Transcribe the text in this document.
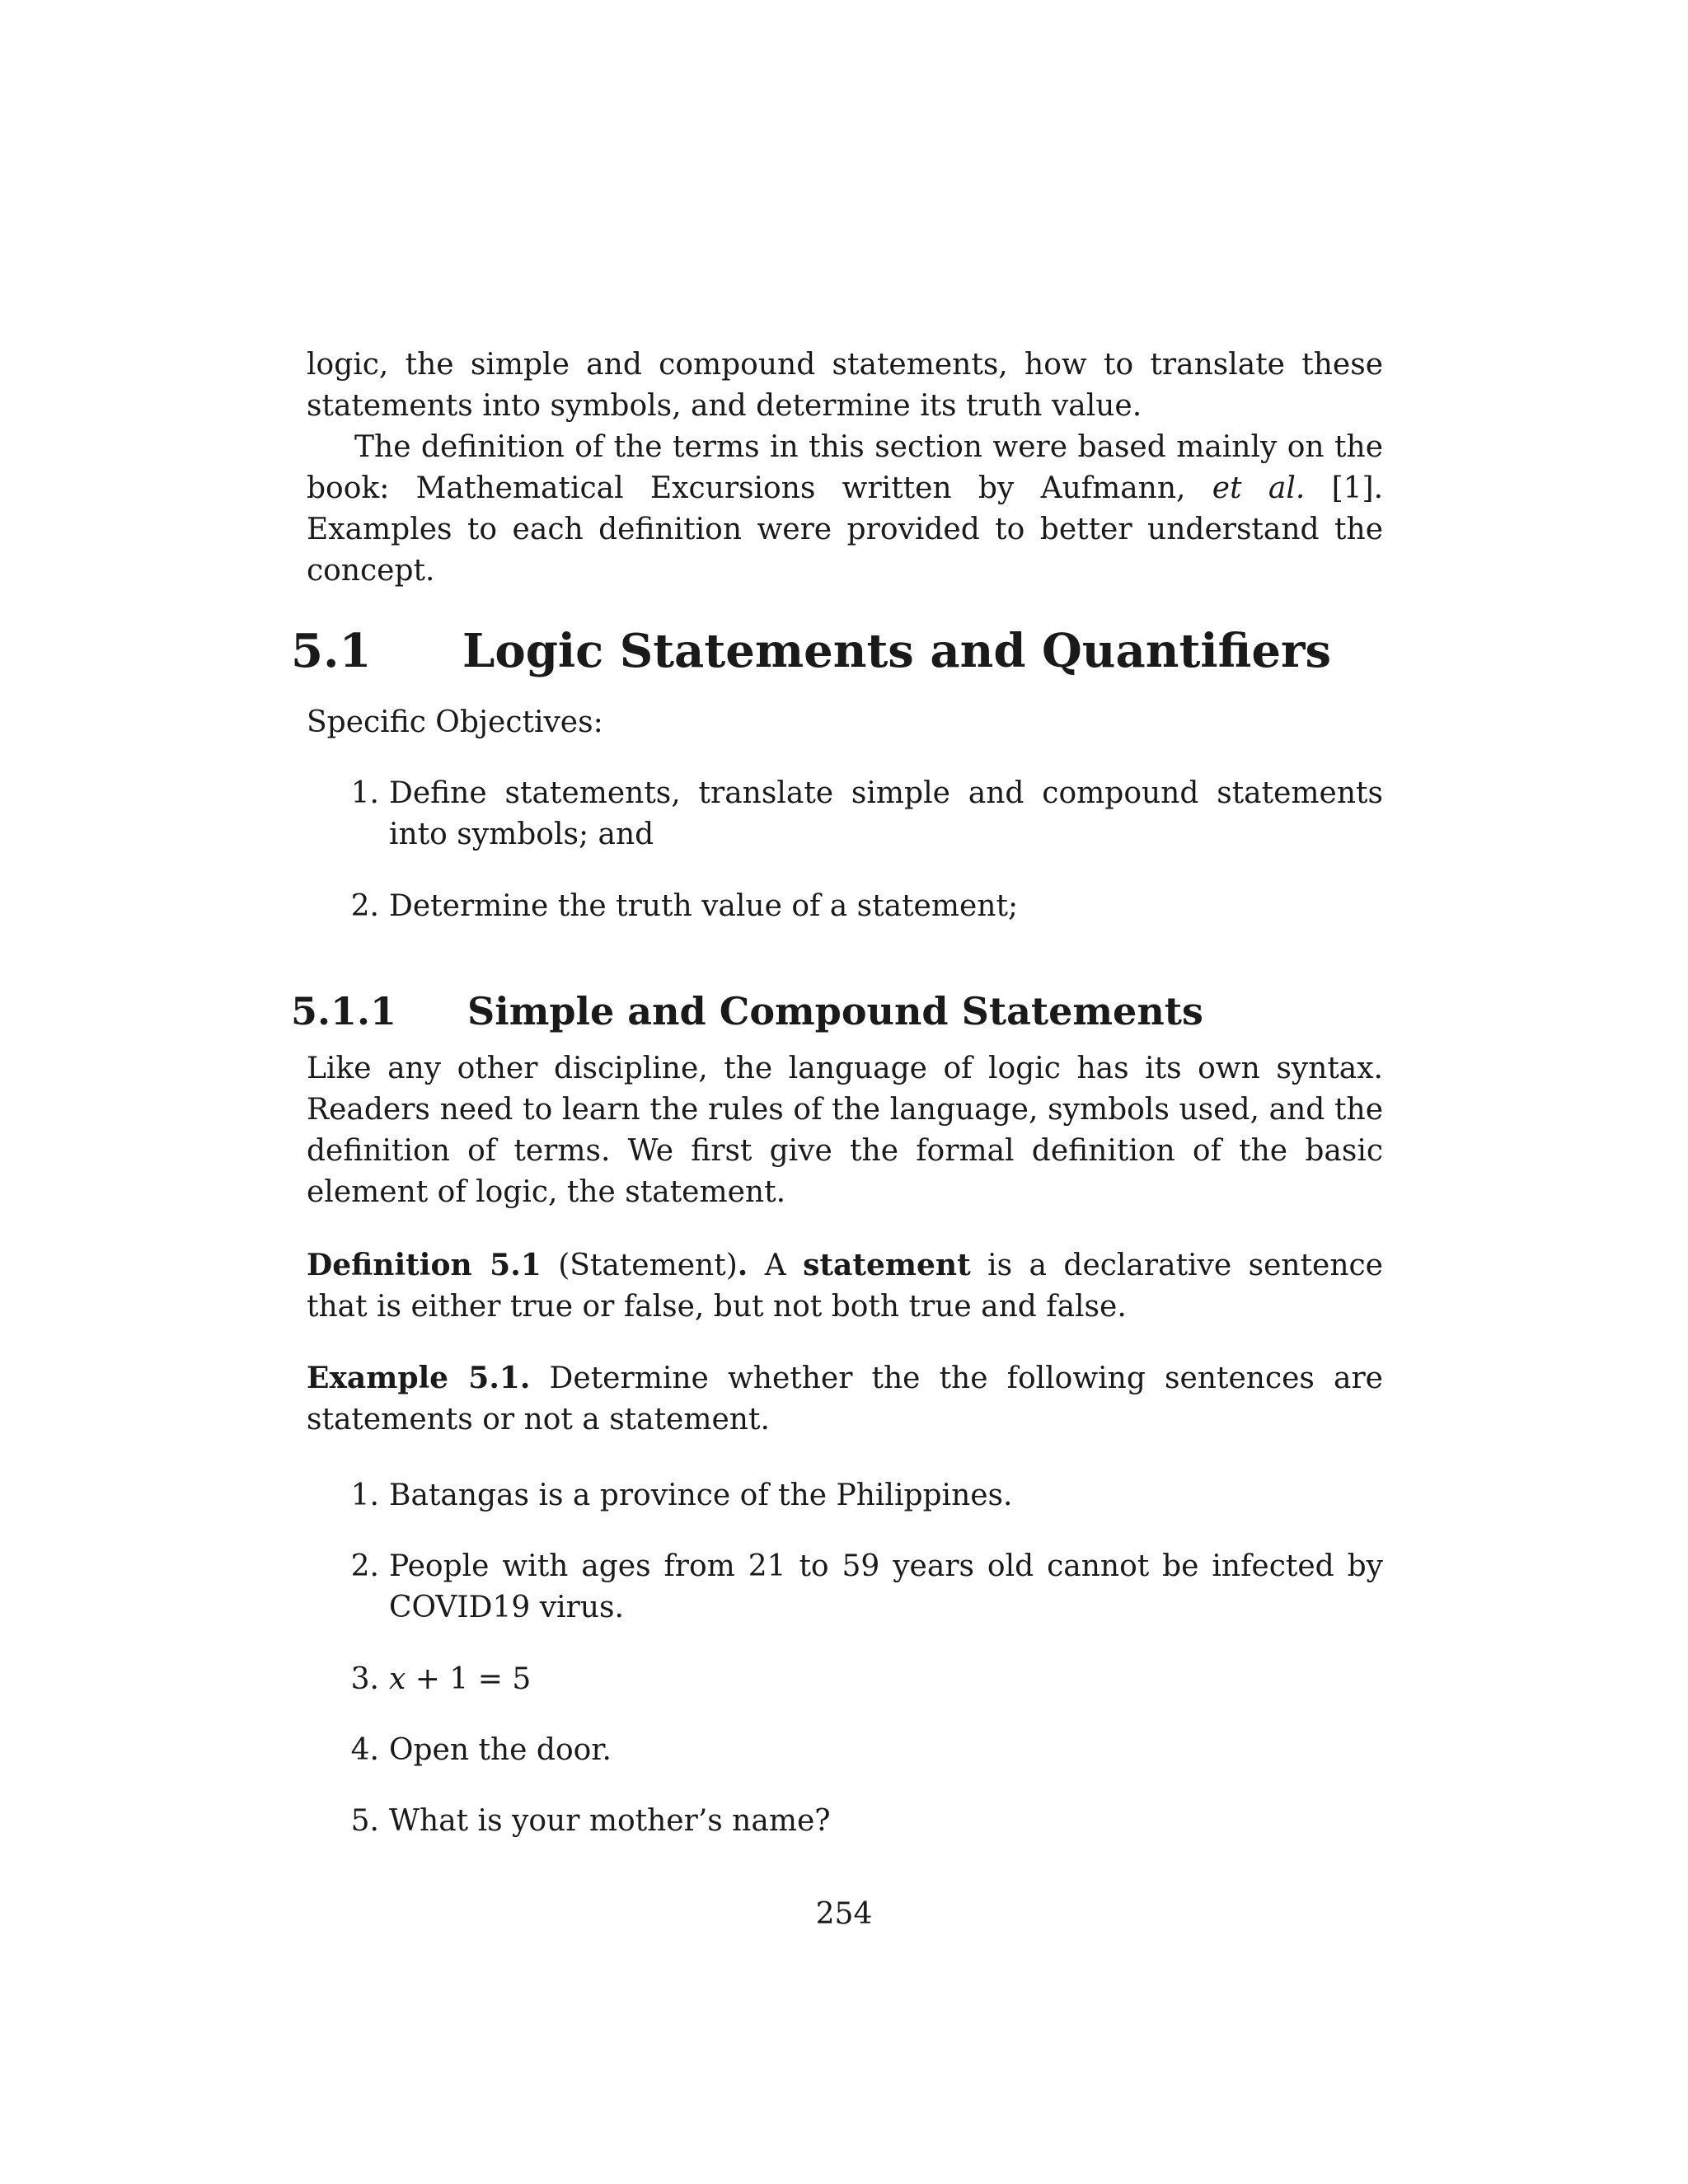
logic, the simple and compound statements, how to translate these statements into symbols, and determine its truth value.

The definition of the terms in this section were based mainly on the book: Mathematical Excursions written by Aufmann, et al. [1]. Examples to each definition were provided to better understand the concept.

5.1 Logic Statements and Quantifiers

Specific Objectives:

1. Define statements, translate simple and compound statements into symbols; and
2. Determine the truth value of a statement;
5.1.1 Simple and Compound Statements

Like any other discipline, the language of logic has its own syntax. Readers need to learn the rules of the language, symbols used, and the definition of terms. We first give the formal definition of the basic element of logic, the statement.

Definition 5.1 (Statement). A statement is a declarative sentence that is either true or false, but not both true and false.

Example 5.1. Determine whether the the following sentences are statements or not a statement.

1. Batangas is a province of the Philippines.
2. People with ages from 21 to 59 years old cannot be infected by COVID19 virus.
3. x + 1 = 5
4. Open the door.
5. What is your mother’s name?
254
